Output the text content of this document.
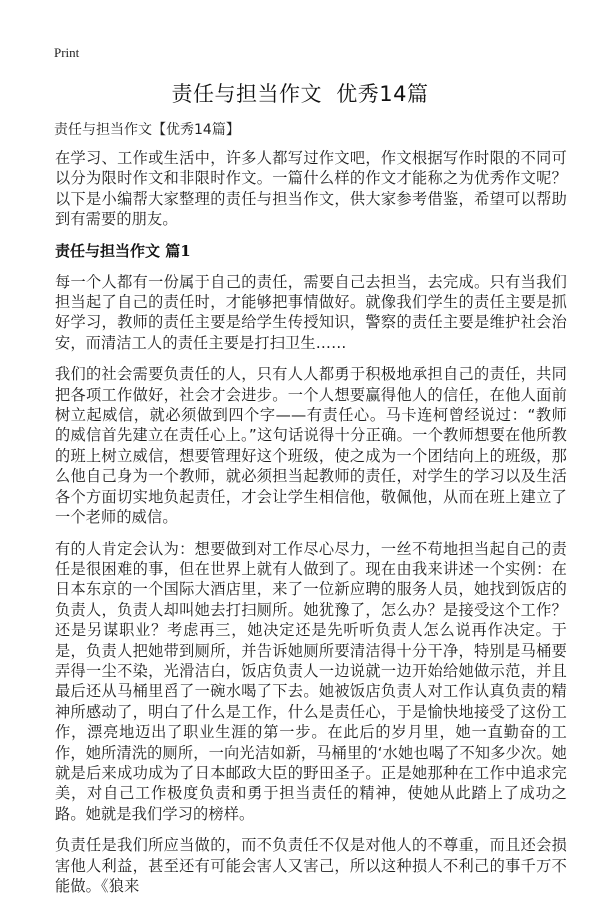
Print
责任与担当作文  优秀14篇
责任与担当作文【优秀14篇】

在学习、工作或生活中，许多人都写过作文吧，作文根据写作时限的不同可以分为限时作文和非限时作文。一篇什么样的作文才能称之为优秀作文呢？以下是小编帮大家整理的责任与担当作文，供大家参考借鉴，希望可以帮助到有需要的朋友。

责任与担当作文 篇1

每一个人都有一份属于自己的责任，需要自己去担当，去完成。只有当我们担当起了自己的责任时，才能够把事情做好。就像我们学生的责任主要是抓好学习，教师的责任主要是给学生传授知识，警察的责任主要是维护社会治安，而清洁工人的责任主要是打扫卫生……

我们的社会需要负责任的人，只有人人都勇于积极地承担自己的责任，共同把各项工作做好，社会才会进步。一个人想要赢得他人的信任，在他人面前树立起威信，就必须做到四个字——有责任心。马卡连柯曾经说过：“教师的威信首先建立在责任心上。”这句话说得十分正确。一个教师想要在他所教的班上树立威信，想要管理好这个班级，使之成为一个团结向上的班级，那么他自己身为一个教师，就必须担当起教师的责任，对学生的学习以及生活各个方面切实地负起责任，才会让学生相信他，敬佩他，从而在班上建立了一个老师的威信。

有的人肯定会认为：想要做到对工作尽心尽力，一丝不苟地担当起自己的责任是很困难的事，但在世界上就有人做到了。现在由我来讲述一个实例：在日本东京的一个国际大酒店里，来了一位新应聘的服务人员，她找到饭店的负责人，负责人却叫她去打扫厕所。她犹豫了，怎么办？是接受这个工作？还是另谋职业？考虑再三，她决定还是先听听负责人怎么说再作决定。于是，负责人把她带到厕所，并告诉她厕所要清洁得十分干净，特别是马桶要弄得一尘不染，光滑洁白，饭店负责人一边说就一边开始给她做示范，并且最后还从马桶里舀了一碗水喝了下去。她被饭店负责人对工作认真负责的精神所感动了，明白了什么是工作，什么是责任心，于是愉快地接受了这份工作，漂亮地迈出了职业生涯的第一步。在此后的岁月里，她一直勤奋的工作，她所清洗的厕所，一向光洁如新，马桶里的‘水她也喝了不知多少次。她就是后来成功成为了日本邮政大臣的野田圣子。正是她那种在工作中追求完美，对自己工作极度负责和勇于担当责任的精神，使她从此踏上了成功之路。她就是我们学习的榜样。

负责任是我们所应当做的，而不负责任不仅是对他人的不尊重，而且还会损害他人利益，甚至还有可能会害人又害己，所以这种损人不利己的事千万不能做。《狼来
